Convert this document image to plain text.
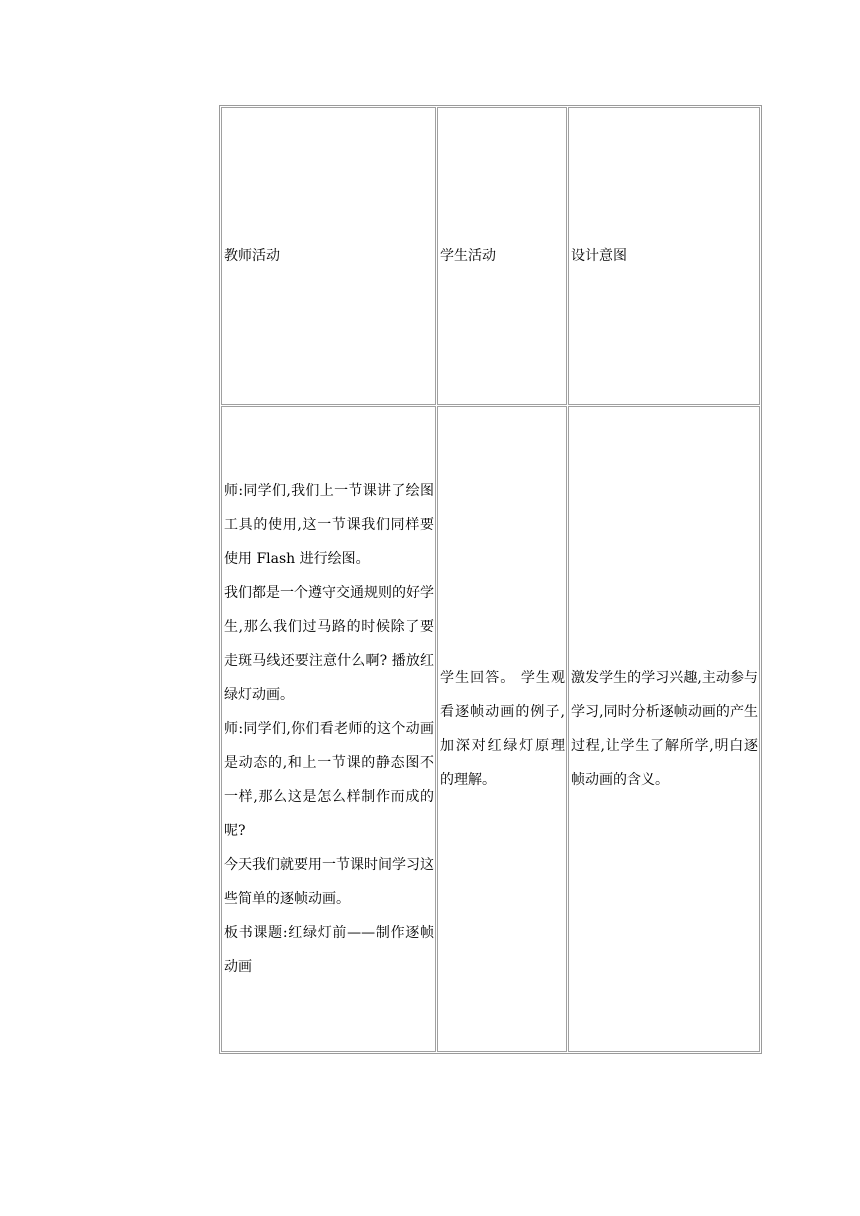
教师活动	学生活动	设计意图

师:同学们,我们上一节课讲了绘图工具的使用,这一节课我们同样要使用 Flash 进行绘图。
我们都是一个遵守交通规则的好学生,那么我们过马路的时候除了要走斑马线还要注意什么啊? 播放红绿灯动画。
师:同学们,你们看老师的这个动画是动态的,和上一节课的静态图不一样,那么这是怎么样制作而成的呢?
今天我们就要用一节课时间学习这些简单的逐帧动画。
板书课题:红绿灯前——制作逐帧动画	学生回答。 学生观看逐帧动画的例子,加深对红绿灯原理的理解。	激发学生的学习兴趣,主动参与学习,同时分析逐帧动画的产生过程,让学生了解所学,明白逐帧动画的含义。
